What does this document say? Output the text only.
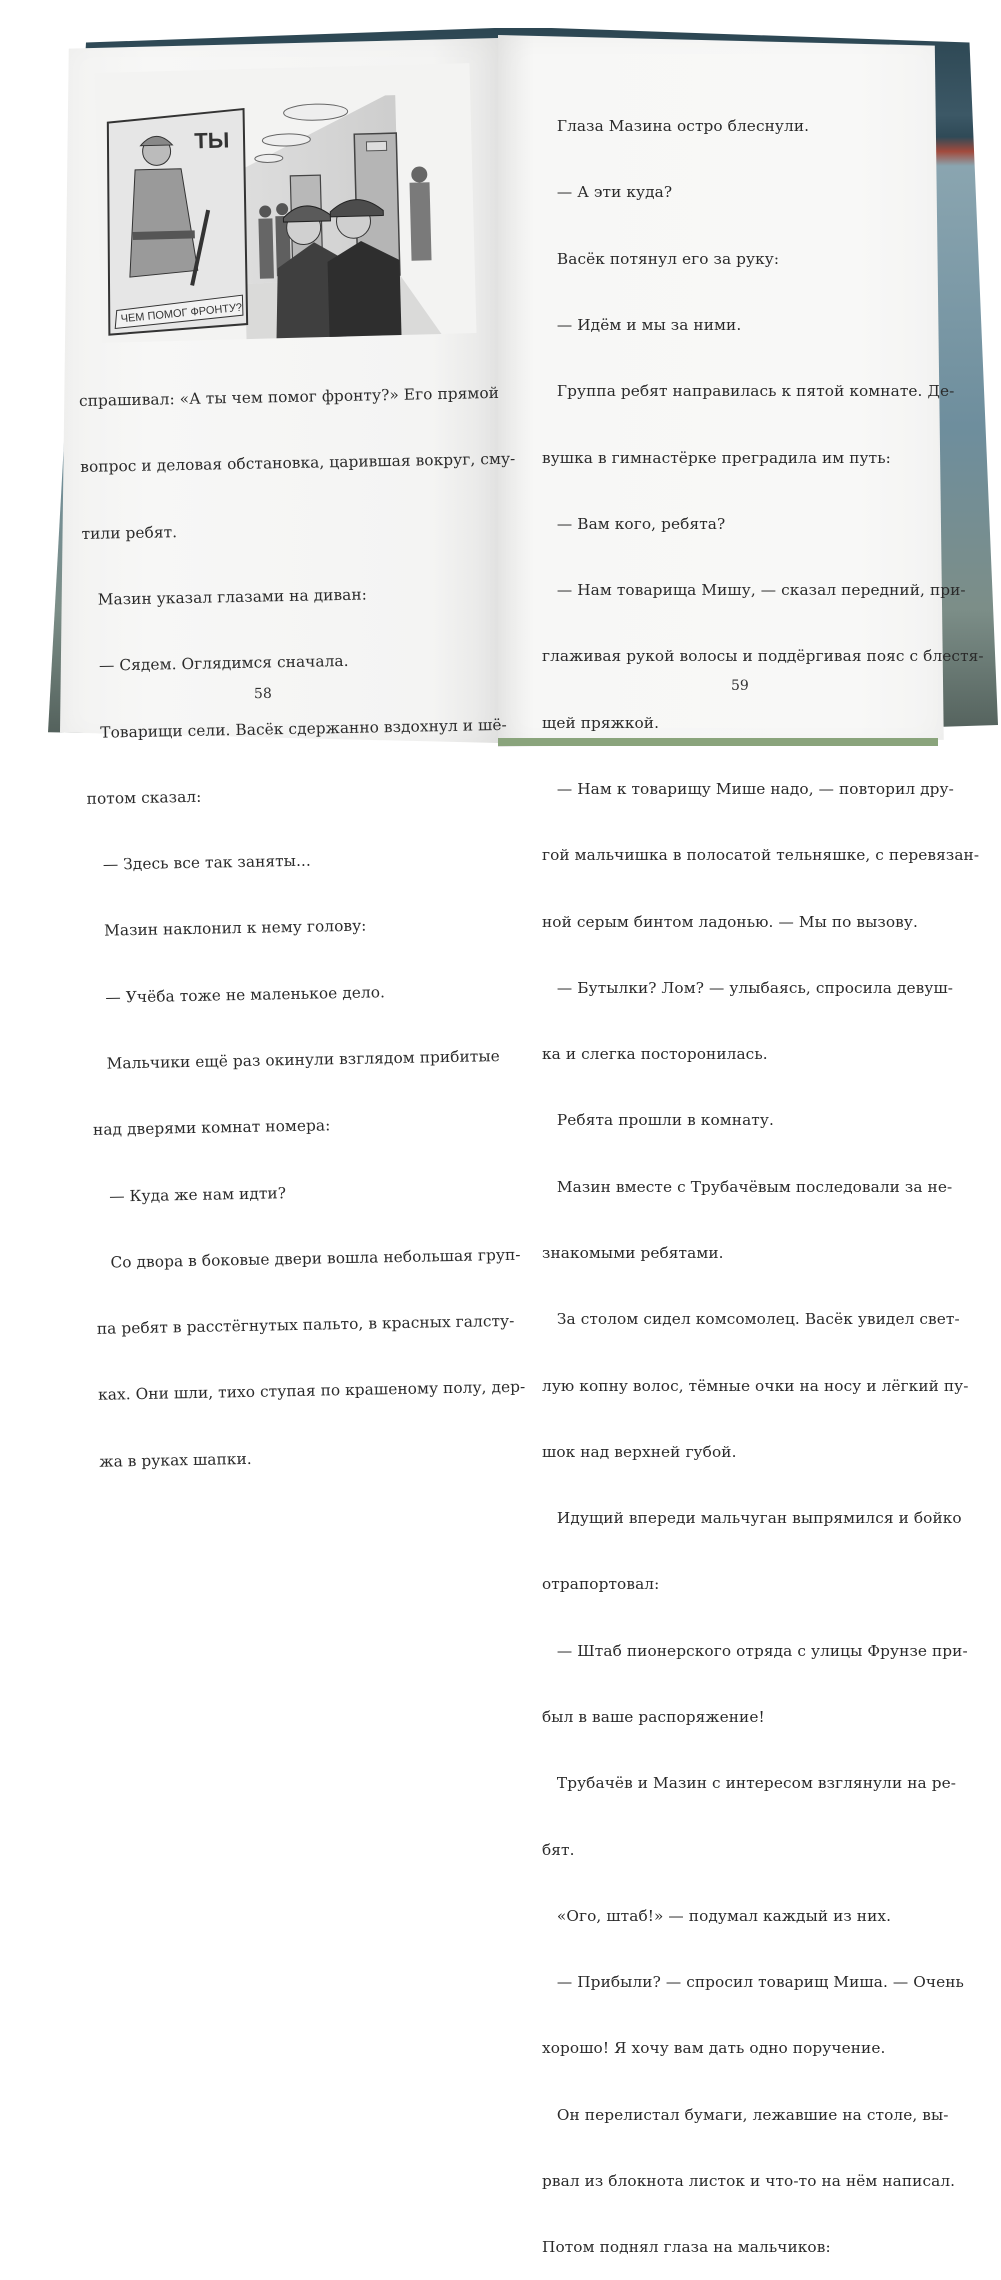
ТЫ
ЧЕМ ПОМОГ ФРОНТУ?

спрашивал: «А ты чем помог фронту?» Его прямой

вопрос и деловая обстановка, царившая вокруг, сму-

тили ребят.

Мазин указал глазами на диван:

— Сядем. Оглядимся сначала.

Товарищи сели. Васёк сдержанно вздохнул и шё-

потом сказал:

— Здесь все так заняты...

Мазин наклонил к нему голову:

— Учёба тоже не маленькое дело.

Мальчики ещё раз окинули взглядом прибитые

над дверями комнат номера:

— Куда же нам идти?

Со двора в боковые двери вошла небольшая груп-

па ребят в расстёгнутых пальто, в красных галсту-

ках. Они шли, тихо ступая по крашеному полу, дер-

жа в руках шапки.

58

Глаза Мазина остро блеснули.

— А эти куда?

Васёк потянул его за руку:

— Идём и мы за ними.

Группа ребят направилась к пятой комнате. Де-

вушка в гимнастёрке преградила им путь:

— Вам кого, ребята?

— Нам товарища Мишу, — сказал передний, при-

глаживая рукой волосы и поддёргивая пояс с блестя-

щей пряжкой.

— Нам к товарищу Мише надо, — повторил дру-

гой мальчишка в полосатой тельняшке, с перевязан-

ной серым бинтом ладонью. — Мы по вызову.

— Бутылки? Лом? — улыбаясь, спросила девуш-

ка и слегка посторонилась.

Ребята прошли в комнату.

Мазин вместе с Трубачёвым последовали за не-

знакомыми ребятами.

За столом сидел комсомолец. Васёк увидел свет-

лую копну волос, тёмные очки на носу и лёгкий пу-

шок над верхней губой.

Идущий впереди мальчуган выпрямился и бойко

отрапортовал:

— Штаб пионерского отряда с улицы Фрунзе при-

был в ваше распоряжение!

Трубачёв и Мазин с интересом взглянули на ре-

бят.

«Ого, штаб!» — подумал каждый из них.

— Прибыли? — спросил товарищ Миша. — Очень

хорошо! Я хочу вам дать одно поручение.

Он перелистал бумаги, лежавшие на столе, вы-

рвал из блокнота листок и что-то на нём написал.

Потом поднял глаза на мальчиков:

59
